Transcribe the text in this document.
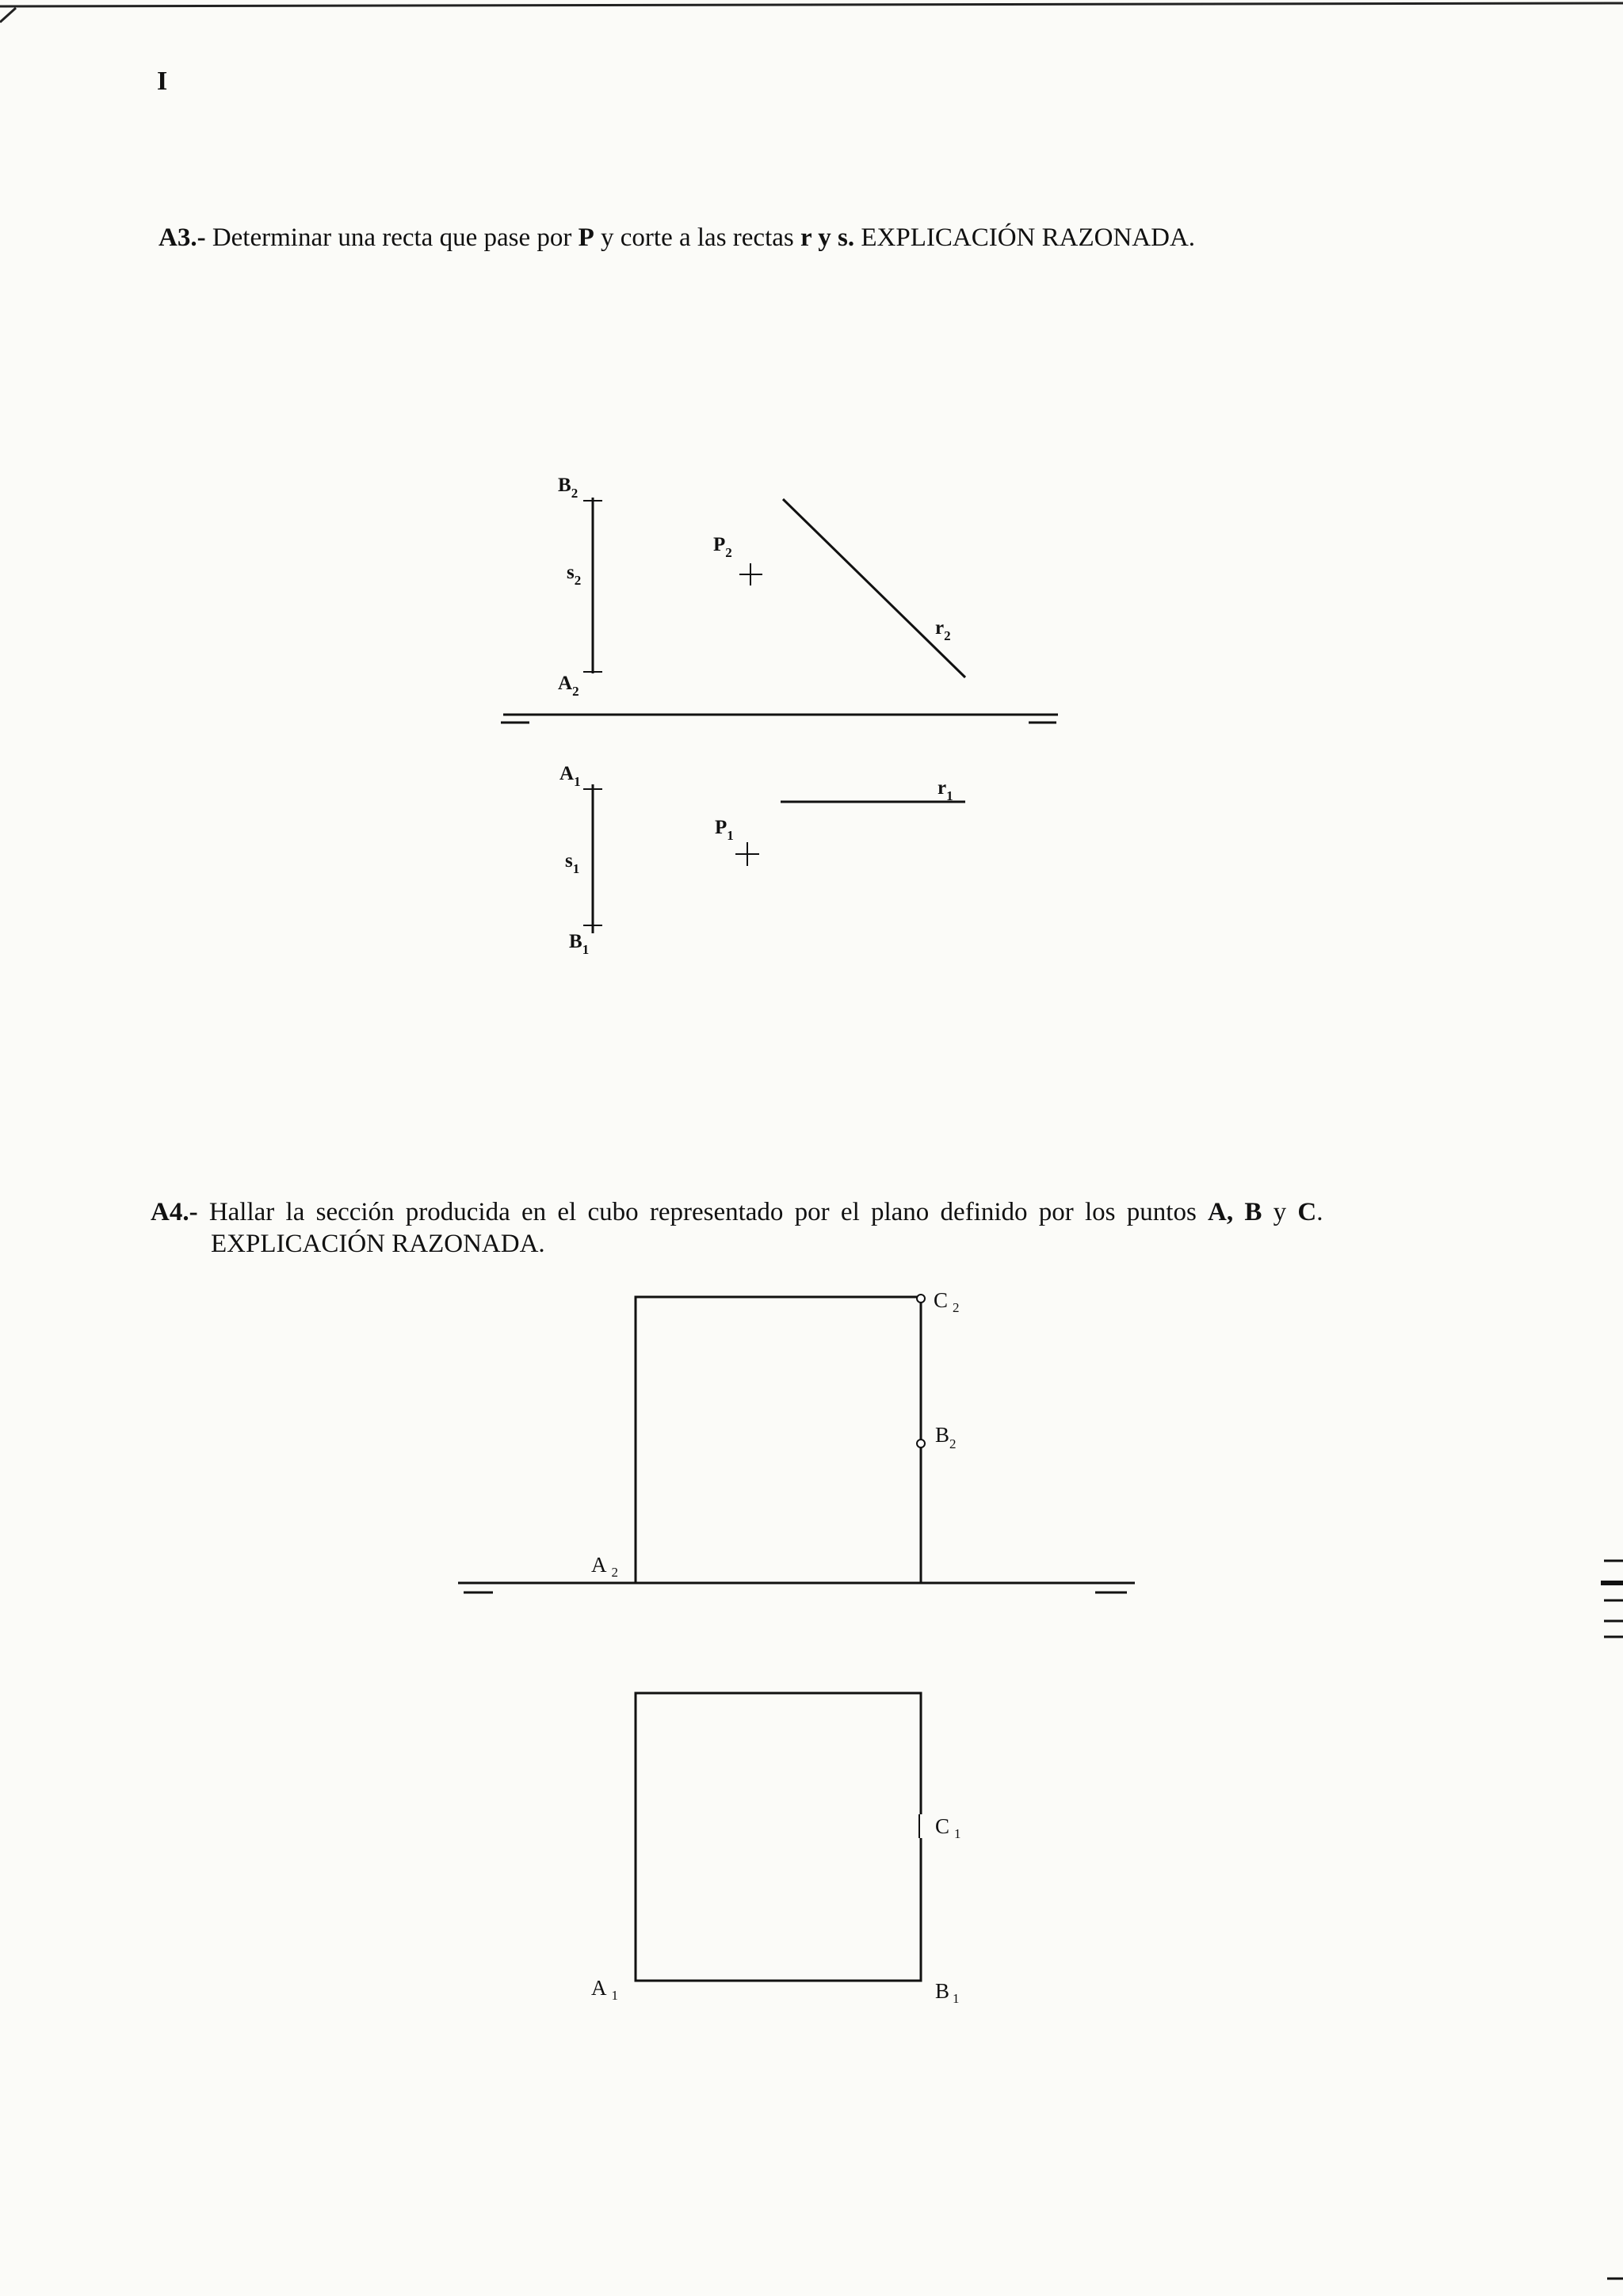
I
A3.- Determinar una recta que pase por P y corte a las rectas r y s. EXPLICACIÓN RAZONADA.
A4.- Hallar la sección producida en el cubo representado por el plano definido por los puntos A, B y C.
EXPLICACIÓN RAZONADA.
$B_2$
$s_2$
$P_2$
$r_2$
$A_2$
$A_1$	$r_1$
$P_1$
$s_1$
$B_1$
C $_2$
$B_2$
A $_2$
C $_1$
A $_1$	B $_1$
